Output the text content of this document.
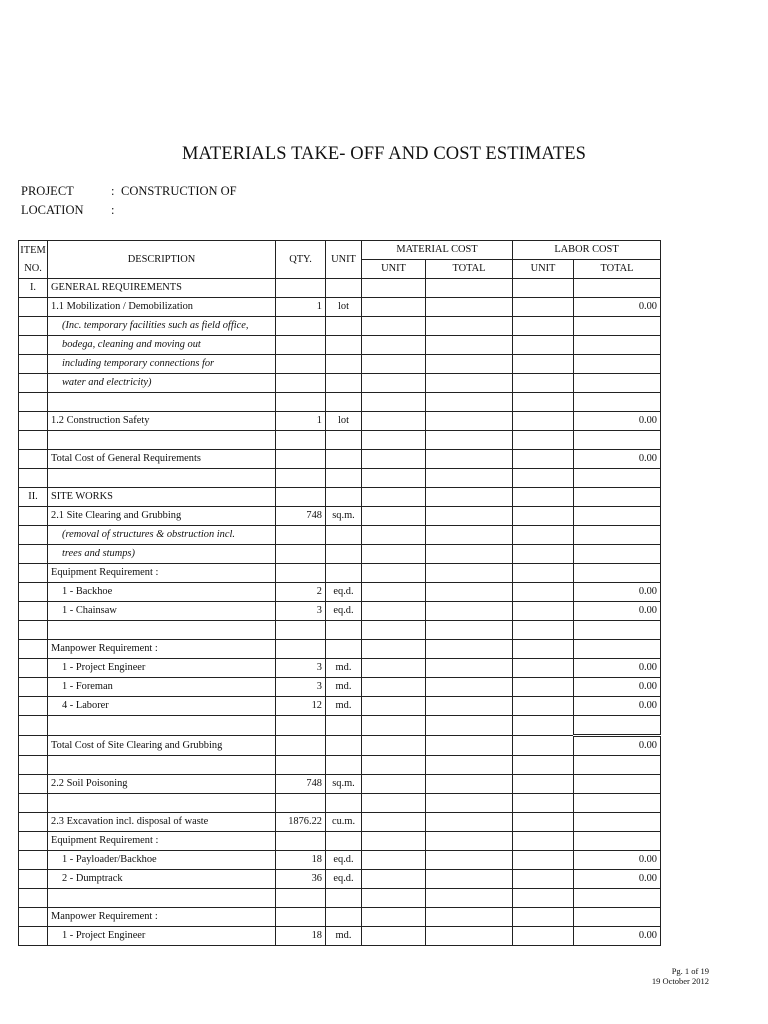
MATERIALS TAKE- OFF AND COST ESTIMATES
PROJECT	: CONSTRUCTION OF
LOCATION :
ITEM
NO.	DESCRIPTION	QTY.	UNIT	MATERIAL COST		LABOR COST	
				UNIT	TOTAL	UNIT	TOTAL
I.	GENERAL REQUIREMENTS						
	1.1 Mobilization / Demobilization	1	lot				0.00
	(Inc. temporary facilities such as field office,						
	bodega, cleaning and moving out						
	including temporary connections for						
	water and electricity)						

	1.2 Construction Safety	1	lot				0.00

	Total Cost of General Requirements						0.00

II.	SITE WORKS						
	2.1 Site Clearing and Grubbing	748	sq.m.				
	(removal of structures & obstruction incl.						
	trees and stumps)						
	Equipment Requirement :						
	1 - Backhoe	2	eq.d.				0.00
	1 - Chainsaw	3	eq.d.				0.00

	Manpower Requirement :						
	1 - Project Engineer	3	md.				0.00
	1 - Foreman	3	md.				0.00
	4 - Laborer	12	md.				0.00

	Total Cost of Site Clearing and Grubbing						0.00

	2.2 Soil Poisoning	748	sq.m.				

	2.3 Excavation incl. disposal of waste	1876.22	cu.m.				
	Equipment Requirement :						
	1 - Payloader/Backhoe	18	eq.d.				0.00
	2 - Dumptrack	36	eq.d.				0.00

	Manpower Requirement :						
	1 - Project Engineer	18	md.				0.00
Pg. 1 of 19
19 October 2012
